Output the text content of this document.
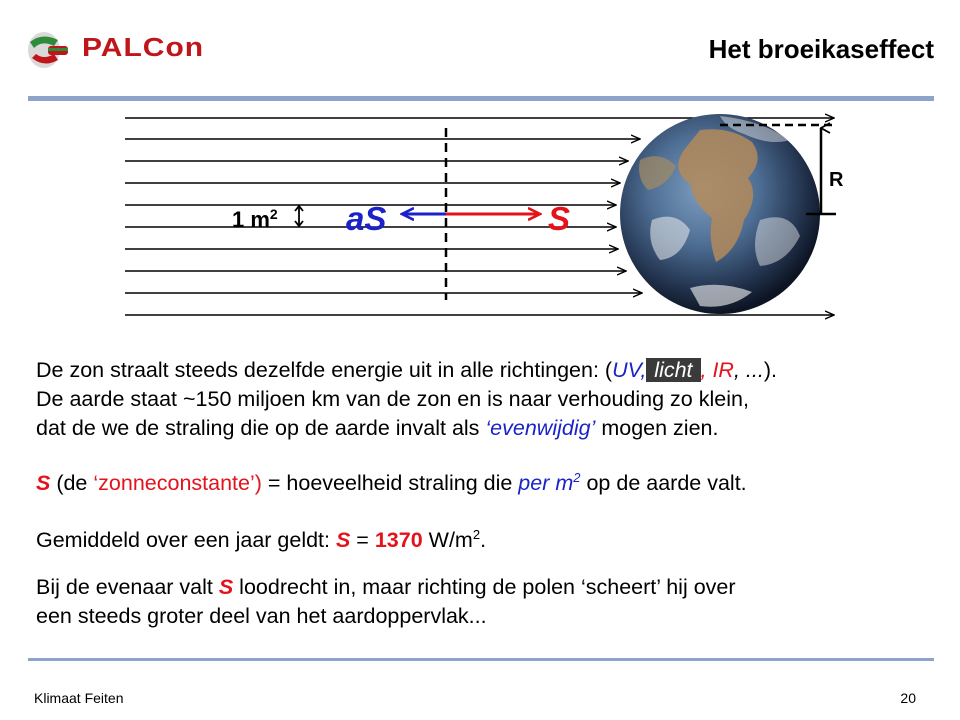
PALCon	Het broeikaseffect
R
1 $m^2$ aS	S
De zon straalt steeds dezelfde energie uit in alle richtingen: (UV, licht , IR, ...).
De aarde staat ~150 miljoen km van de zon en is naar verhouding zo klein,
dat de we de straling die op de aarde invalt als ‘evenwijdig’ mogen zien.
S (de ‘zonneconstante’) = hoeveelheid straling die per $m^2$ op de aarde valt.
Gemiddeld over een jaar geldt: S = 1370 $W/m^2$.
Bij de evenaar valt S loodrecht in, maar richting de polen ‘scheert’ hij over
een steeds groter deel van het aardoppervlak...
Klimaat Feiten	20
